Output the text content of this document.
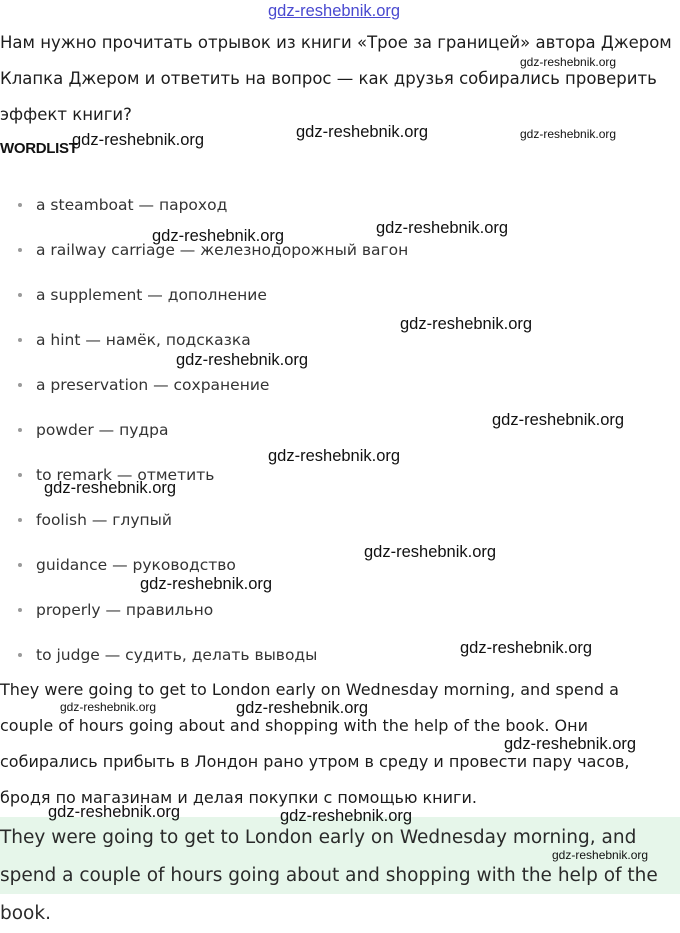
gdz-reshebnik.org
Нам нужно прочитать отрывок из книги «Трое за границей» автора Джером Клапка Джером и ответить на вопрос — как друзья собирались проверить эффект книги?
WORDLIST
a steamboat — пароход
a railway carriage — железнодорожный вагон
a supplement — дополнение
a hint — намёк, подсказка
a preservation — сохранение
powder — пудра
to remark — отметить
foolish — глупый
guidance — руководство
properly — правильно
to judge — судить, делать выводы
They were going to get to London early on Wednesday morning, and spend a couple of hours going about and shopping with the help of the book. Они собирались прибыть в Лондон рано утром в среду и провести пару часов, бродя по магазинам и делая покупки с помощью книги.
They were going to get to London early on Wednesday morning, and spend a couple of hours going about and shopping with the help of the book.
gdz-reshebnik.org
gdz-reshebnik.org	gdz-reshebnik.org	gdz-reshebnik.org
gdz-reshebnik.org
gdz-reshebnik.org
gdz-reshebnik.org
gdz-reshebnik.org
gdz-reshebnik.org
gdz-reshebnik.org
gdz-reshebnik.org
gdz-reshebnik.org
gdz-reshebnik.org
gdz-reshebnik.org
gdz-reshebnik.org	gdz-reshebnik.org
gdz-reshebnik.org
gdz-reshebnik.org	gdz-reshebnik.org
gdz-reshebnik.org
